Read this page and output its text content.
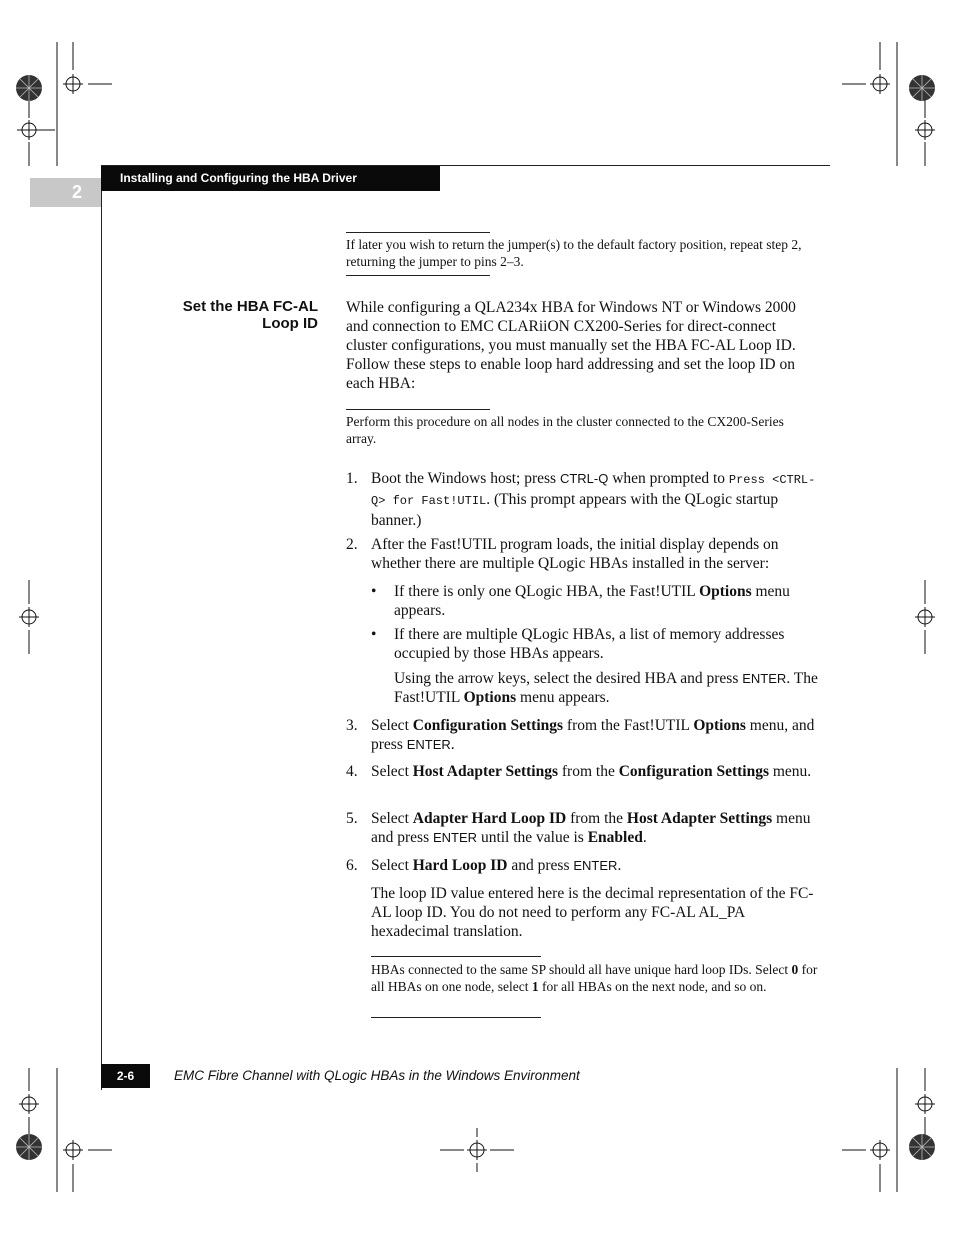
Installing and Configuring the HBA Driver
2
If later you wish to return the jumper(s) to the default factory position, repeat step 2, returning the jumper to pins 2–3.
Set the HBA FC-AL
Loop ID
While configuring a QLA234x HBA for Windows NT or Windows 2000 and connection to EMC CLARiiON CX200-Series for direct-connect cluster configurations, you must manually set the HBA FC-AL Loop ID. Follow these steps to enable loop hard addressing and set the loop ID on each HBA:
Perform this procedure on all nodes in the cluster connected to the CX200-Series array.
1. Boot the Windows host; press CTRL-Q when prompted to Press <CTRL-Q> for Fast!UTIL. (This prompt appears with the QLogic startup banner.)
2. After the Fast!UTIL program loads, the initial display depends on whether there are multiple QLogic HBAs installed in the server:
• If there is only one QLogic HBA, the Fast!UTIL Options menu appears.
• If there are multiple QLogic HBAs, a list of memory addresses occupied by those HBAs appears.
Using the arrow keys, select the desired HBA and press ENTER. The Fast!UTIL Options menu appears.
3. Select Configuration Settings from the Fast!UTIL Options menu, and press ENTER.
4. Select Host Adapter Settings from the Configuration Settings menu.
5. Select Adapter Hard Loop ID from the Host Adapter Settings menu and press ENTER until the value is Enabled.
6. Select Hard Loop ID and press ENTER.
The loop ID value entered here is the decimal representation of the FC-AL loop ID. You do not need to perform any FC-AL AL_PA hexadecimal translation.
HBAs connected to the same SP should all have unique hard loop IDs. Select 0 for all HBAs on one node, select 1 for all HBAs on the next node, and so on.
2-6	EMC Fibre Channel with QLogic HBAs in the Windows Environment
